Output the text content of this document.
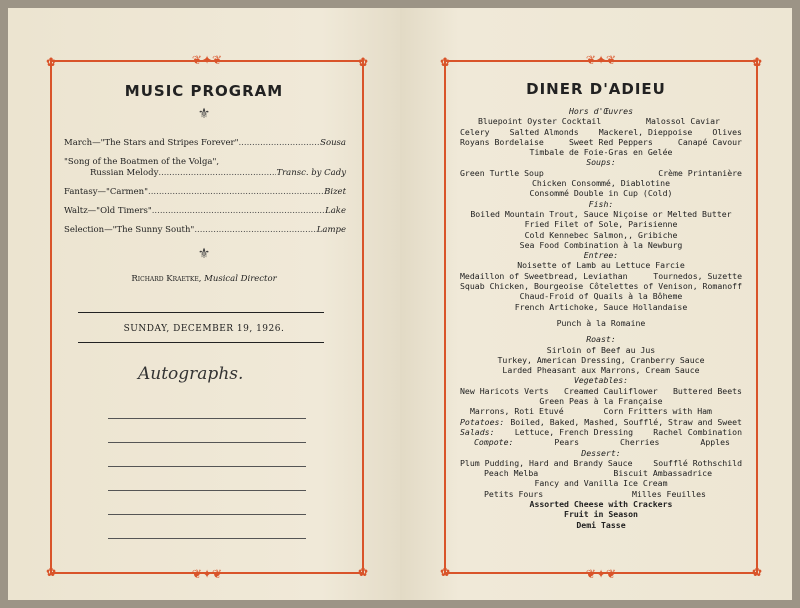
❦✦❦
❦✦❦
✿	✿
✿	✿
MUSIC PROGRAM
⚜
March—"The Stars and Stripes Forever" .....	Sousa
"Song of the Boatmen of the Volga",
Russian Melody .....	Transc. by Cady
Fantasy—"Carmen" .....	Bizet
Waltz—"Old Timers" .....	Lake
Selection—"The Sunny South" .....	Lampe
⚜
Richard Kraetke, Musical Director
SUNDAY, DECEMBER 19, 1926.
Autographs.
❦✦❦
❦✦❦
✿	✿
✿	✿
DINER D'ADIEU
Hors d'Œuvres
Bluepoint Oyster Cocktail	Malossol Caviar
Celery Salted Almonds Mackerel, Dieppoise Olives
Royans Bordelaise	Sweet Red Peppers	Canapé Cavour
Timbale de Foie-Gras en Gelée
Soups:
Green Turtle Soup	Crème Printanière
Chicken Consommé, Diablotine
Consommé Double in Cup (Cold)
Fish:
Boiled Mountain Trout, Sauce Niçoise or Melted Butter
Fried Filet of Sole, Parisienne
Cold Kennebec Salmon,, Gribiche
Sea Food Combination à la Newburg
Entree:
Noisette of Lamb au Lettuce Farcie
Medaillon of Sweetbread, Leviathan	Tournedos, Suzette
Squab Chicken, Bourgeoise Côtelettes of Venison, Romanoff
Chaud-Froid of Quails à la Bôheme
French Artichoke, Sauce Hollandaise
Punch à la Romaine
Roast:
Sirloin of Beef au Jus
Turkey, American Dressing, Cranberry Sauce
Larded Pheasant aux Marrons, Cream Sauce
Vegetables:
New Haricots Verts Creamed Cauliflower Buttered Beets
Green Peas à la Française
Marrons, Roti Etuvé	Corn Fritters with Ham
Potatoes: Boiled, Baked, Mashed, Soufflé, Straw and Sweet
Salads: Lettuce, French Dressing Rachel Combination
Compote:	Pears	Cherries	Apples
Dessert:
Plum Pudding, Hard and Brandy Sauce	Soufflé Rothschild
Peach Melba	Biscuit Ambassadrice
Fancy and Vanilla Ice Cream
Petits Fours	Milles Feuilles
Assorted Cheese with Crackers
Fruit in Season
Demi Tasse
